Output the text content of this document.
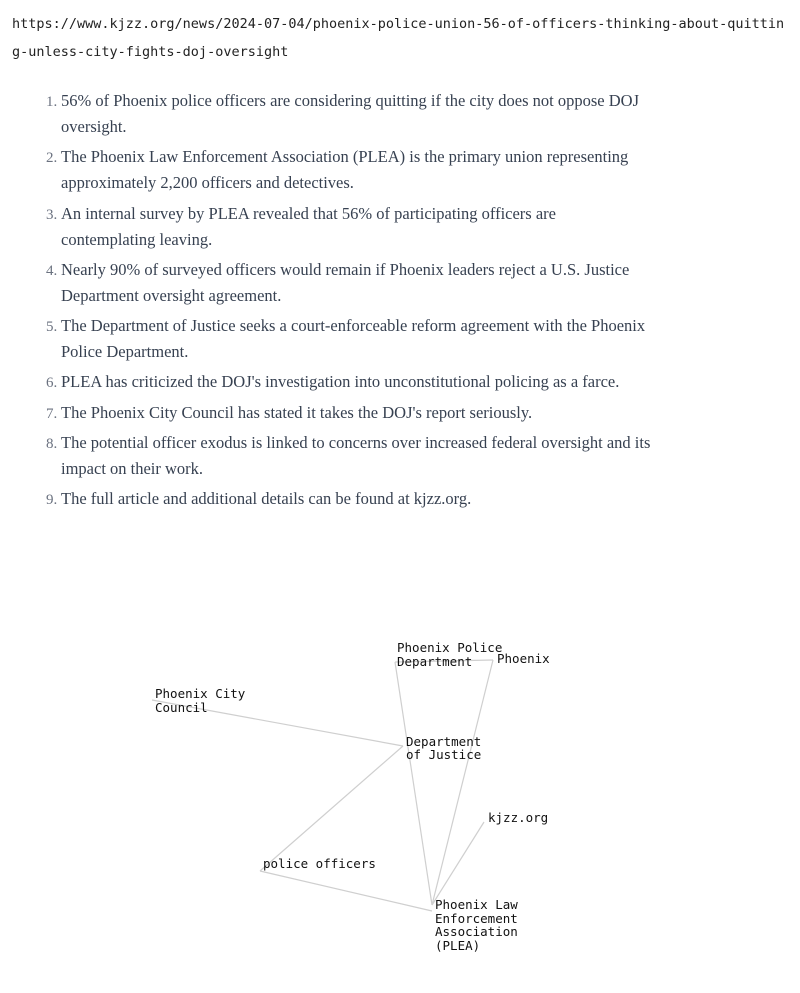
https://www.kjzz.org/news/2024-07-04/phoenix-police-union-56-of-officers-thinking-about-quitting-unless-city-fights-doj-oversight
1. 56% of Phoenix police officers are considering quitting if the city does not oppose DOJ oversight.
2. The Phoenix Law Enforcement Association (PLEA) is the primary union representing approximately 2,200 officers and detectives.
3. An internal survey by PLEA revealed that 56% of participating officers are contemplating leaving.
4. Nearly 90% of surveyed officers would remain if Phoenix leaders reject a U.S. Justice Department oversight agreement.
5. The Department of Justice seeks a court-enforceable reform agreement with the Phoenix Police Department.
6. PLEA has criticized the DOJ's investigation into unconstitutional policing as a farce.
7. The Phoenix City Council has stated it takes the DOJ's report seriously.
8. The potential officer exodus is linked to concerns over increased federal oversight and its impact on their work.
9. The full article and additional details can be found at kjzz.org.
Phoenix Police Department	Phoenix
Phoenix City Council
Department of Justice
kjzz.org
police officers
Phoenix Law Enforcement Association (PLEA)
